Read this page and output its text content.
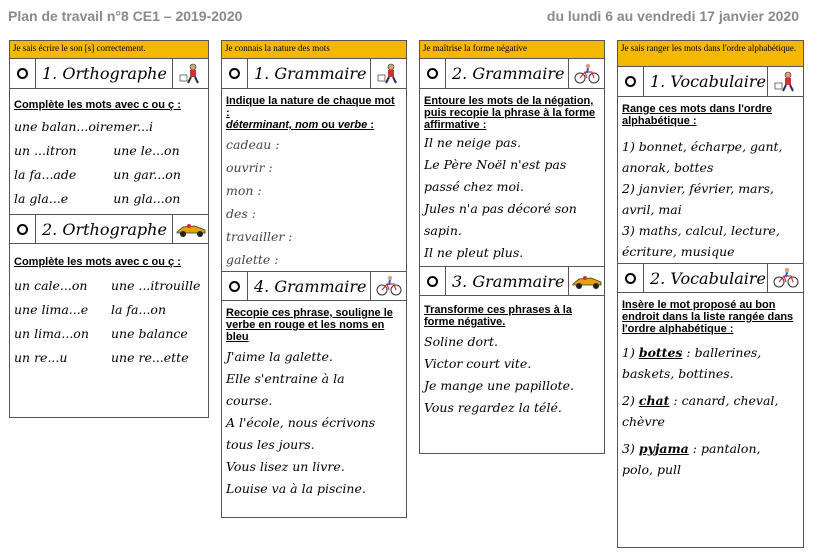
Plan de travail n°8 CE1 – 2019-2020	du lundi 6 au vendredi 17 janvier 2020
Je sais écrire le son [s] correctement.
1. Orthographe
Complète les mots avec c ou ç :
une balan...oire mer...i
un ...itron	une le...on
la fa...ade	un gar...on
la gla...e	un gla...on
2. Orthographe
Complète les mots avec c ou ç :
un cale...on	une ...itrouille
une lima...e	la fa...on
un lima...on	une balance
un re...u	une re...ette
Je connais la nature des mots
1. Grammaire
Indique la nature de chaque mot :
déterminant, nom ou verbe :
cadeau :
ouvrir :
mon :
des :
travailler :
galette :
4. Grammaire
Recopie ces phrase, souligne le verbe en rouge et les noms en bleu
J'aime la galette.
Elle s'entraine à la
course.
A l'école, nous écrivons
tous les jours.
Vous lisez un livre.
Louise va à la piscine.
Je maîtrise la forme négative
2. Grammaire
Entoure les mots de la négation, puis recopie la phrase à la forme affirmative :
Il ne neige pas.
Le Père Noël n'est pas
passé chez moi.
Jules n'a pas décoré son
sapin.
Il ne pleut plus.
3. Grammaire
Transforme ces phrases à la forme négative.
Soline dort.
Victor court vite.
Je mange une papillote.
Vous regardez la télé.
Je sais ranger les mots dans l'ordre alphabétique.
1. Vocabulaire
Range ces mots dans l'ordre alphabétique :
1) bonnet, écharpe, gant,
anorak, bottes
2) janvier, février, mars,
avril, mai
3) maths, calcul, lecture,
écriture, musique
2. Vocabulaire
Insère le mot proposé au bon endroit dans la liste rangée dans l'ordre alphabétique :
1) bottes : ballerines,
baskets, bottines.
2) chat : canard, cheval,
chèvre
3) pyjama : pantalon,
polo, pull
